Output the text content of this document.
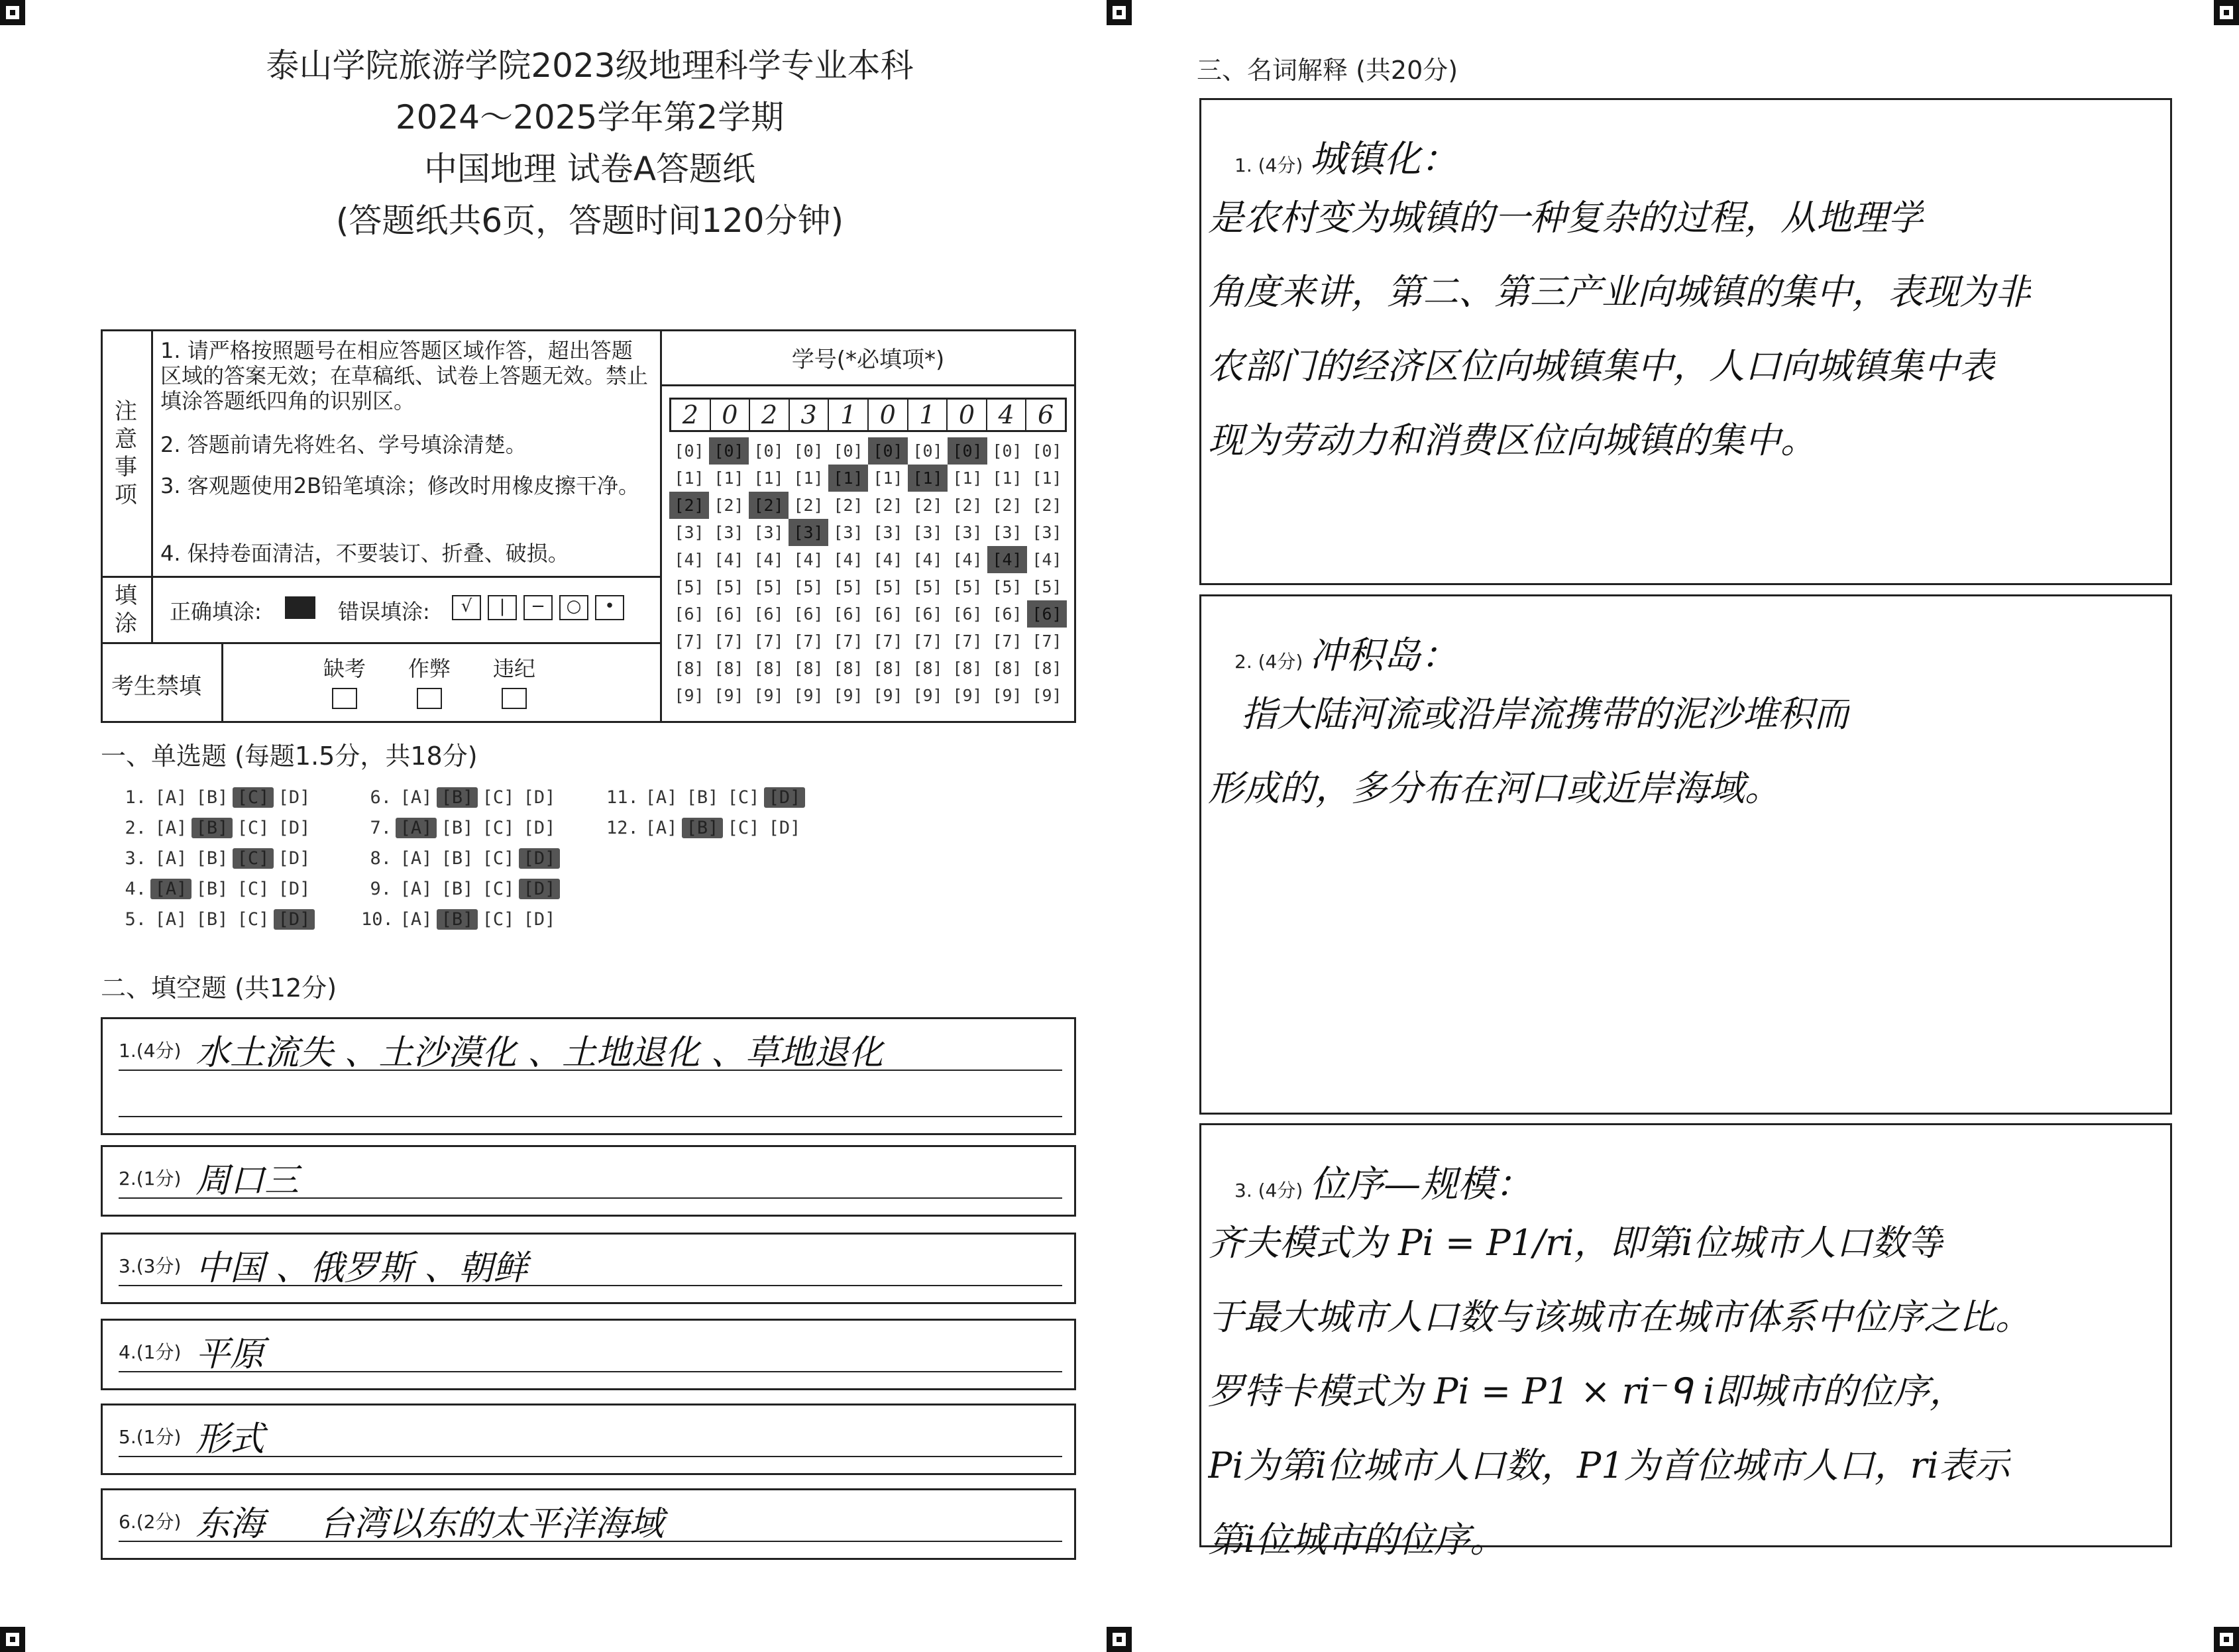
泰山学院旅游学院2023级地理科学专业本科
2024～2025学年第2学期
中国地理 试卷A答题纸
(答题纸共6页，答题时间120分钟)
注意事项
1. 请严格按照题号在相应答题区域作答，超出答题区域的答案无效；在草稿纸、试卷上答题无效。禁止填涂答题纸四角的识别区。
2. 答题前请先将姓名、学号填涂清楚。
3. 客观题使用2B铅笔填涂；修改时用橡皮擦干净。
4. 保持卷面清洁，不要装订、折叠、破损。
填涂 正确填涂:	错误填涂:	√ | − ○ •
考生禁填
缺考 作弊 违纪
学号(*必填项*)
2 0 2 3 1 0 1 0 4 6
[0]
[1]
[2]
[3]
[4]
[5]
[6]
[7]
[8]
[9]
[0]
[1]
[2]
[3]
[4]
[5]
[6]
[7]
[8]
[9]
[0]
[1]
[2]
[3]
[4]
[5]
[6]
[7]
[8]
[9]
[0]
[1]
[2]
[3]
[4]
[5]
[6]
[7]
[8]
[9]
[0]
[1]
[2]
[3]
[4]
[5]
[6]
[7]
[8]
[9]
[0]
[1]
[2]
[3]
[4]
[5]
[6]
[7]
[8]
[9]
[0]
[1]
[2]
[3]
[4]
[5]
[6]
[7]
[8]
[9]
[0]
[1]
[2]
[3]
[4]
[5]
[6]
[7]
[8]
[9]
[0]
[1]
[2]
[3]
[4]
[5]
[6]
[7]
[8]
[9]
[0]
[1]
[2]
[3]
[4]
[5]
[6]
[7]
[8]
[9]
一、单选题 (每题1.5分，共18分)
1. [A] [B] [C] [D]
2. [A] [B] [C] [D]
3. [A] [B] [C] [D]
4. [A] [B] [C] [D]
5. [A] [B] [C] [D]
6. [A] [B] [C] [D]
7. [A] [B] [C] [D]
8. [A] [B] [C] [D]
9. [A] [B] [C] [D]
10. [A] [B] [C] [D]
11. [A] [B] [C] [D]
12. [A] [B] [C] [D]
二、填空题 (共12分)
1.(4分) 水土流失 、土沙漠化 、土地退化 、草地退化
2.(1分) 周口三
3.(3分) 中国 、俄罗斯 、朝鲜
4.(1分) 平原
5.(1分) 形式
6.(2分) 东海     台湾以东的太平洋海域
三、名词解释 (共20分)
1. (4分) 城镇化：
是农村变为城镇的一种复杂的过程，从地理学
角度来讲，第二、第三产业向城镇的集中，表现为非
农部门的经济区位向城镇集中，人口向城镇集中表
现为劳动力和消费区位向城镇的集中。
2. (4分) 冲积岛：
指大陆河流或沿岸流携带的泥沙堆积而
形成的，多分布在河口或近岸海域。
3. (4分) 位序—规模：
齐夫模式为 Pi = P1/ri，即第i位城市人口数等
于最大城市人口数与该城市在城市体系中位序之比。
罗特卡模式为 Pi = P1 × ri⁻ᑫ i即城市的位序，
Pi为第i位城市人口数，P1为首位城市人口，ri表示
第i位城市的位序。
